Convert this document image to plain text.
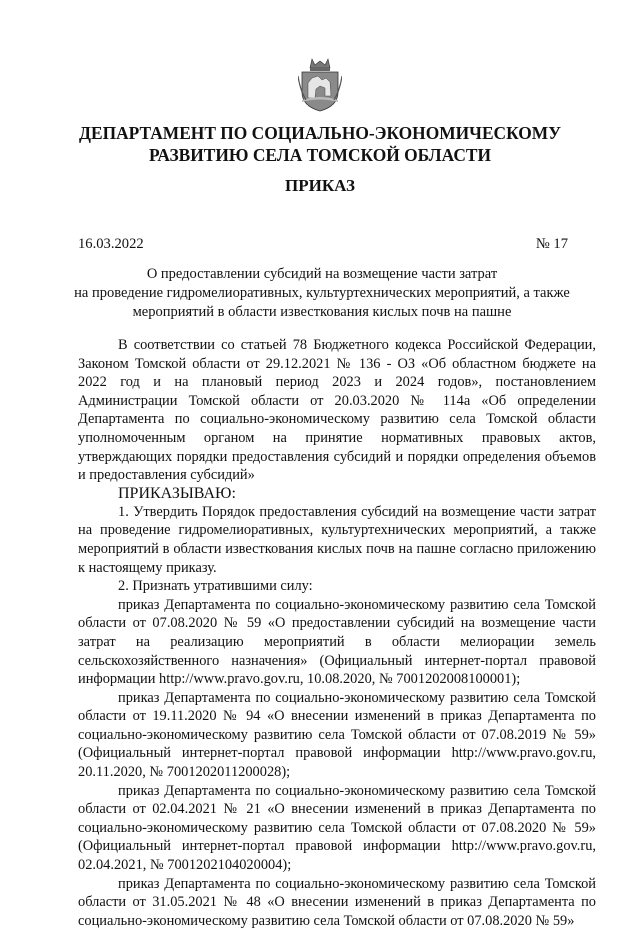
ДЕПАРТАМЕНТ ПО СОЦИАЛЬНО-ЭКОНОМИЧЕСКОМУ
РАЗВИТИЮ СЕЛА ТОМСКОЙ ОБЛАСТИ
ПРИКАЗ
16.03.2022	№ 17
О предоставлении субсидий на возмещение части затрат
на проведение гидромелиоративных, культуртехнических мероприятий, а также
мероприятий в области известкования кислых почв на пашне

В соответствии со статьей 78 Бюджетного кодекса Российской Федерации, Законом Томской области от 29.12.2021 № 136 - ОЗ «Об областном бюджете на 2022 год и на плановый период 2023 и 2024 годов», постановлением Администрации Томской области от 20.03.2020 № 114а «Об определении Департамента по социально-экономическому развитию села Томской области уполномоченным органом на принятие нормативных правовых актов, утверждающих порядки предоставления субсидий и порядки определения объемов и предоставления субсидий»

ПРИКАЗЫВАЮ:

1. Утвердить Порядок предоставления субсидий на возмещение части затрат на проведение гидромелиоративных, культуртехнических мероприятий, а также мероприятий в области известкования кислых почв на пашне согласно приложению к настоящему приказу.

2. Признать утратившими силу:

приказ Департамента по социально-экономическому развитию села Томской области от 07.08.2020 № 59 «О предоставлении субсидий на возмещение части затрат на реализацию мероприятий в области мелиорации земель сельскохозяйственного назначения» (Официальный интернет-портал правовой информации http://www.pravo.gov.ru, 10.08.2020, № 7001202008100001);

приказ Департамента по социально-экономическому развитию села Томской области от 19.11.2020 № 94 «О внесении изменений в приказ Департамента по социально-экономическому развитию села Томской области от 07.08.2019 № 59» (Официальный интернет-портал правовой информации http://www.pravo.gov.ru, 20.11.2020, № 7001202011200028);

приказ Департамента по социально-экономическому развитию села Томской области от 02.04.2021 № 21 «О внесении изменений в приказ Департамента по социально-экономическому развитию села Томской области от 07.08.2020 № 59» (Официальный интернет-портал правовой информации http://www.pravo.gov.ru, 02.04.2021, № 7001202104020004);

приказ Департамента по социально-экономическому развитию села Томской области от 31.05.2021 № 48 «О внесении изменений в приказ Департамента по социально-экономическому развитию села Томской области от 07.08.2020 № 59»
